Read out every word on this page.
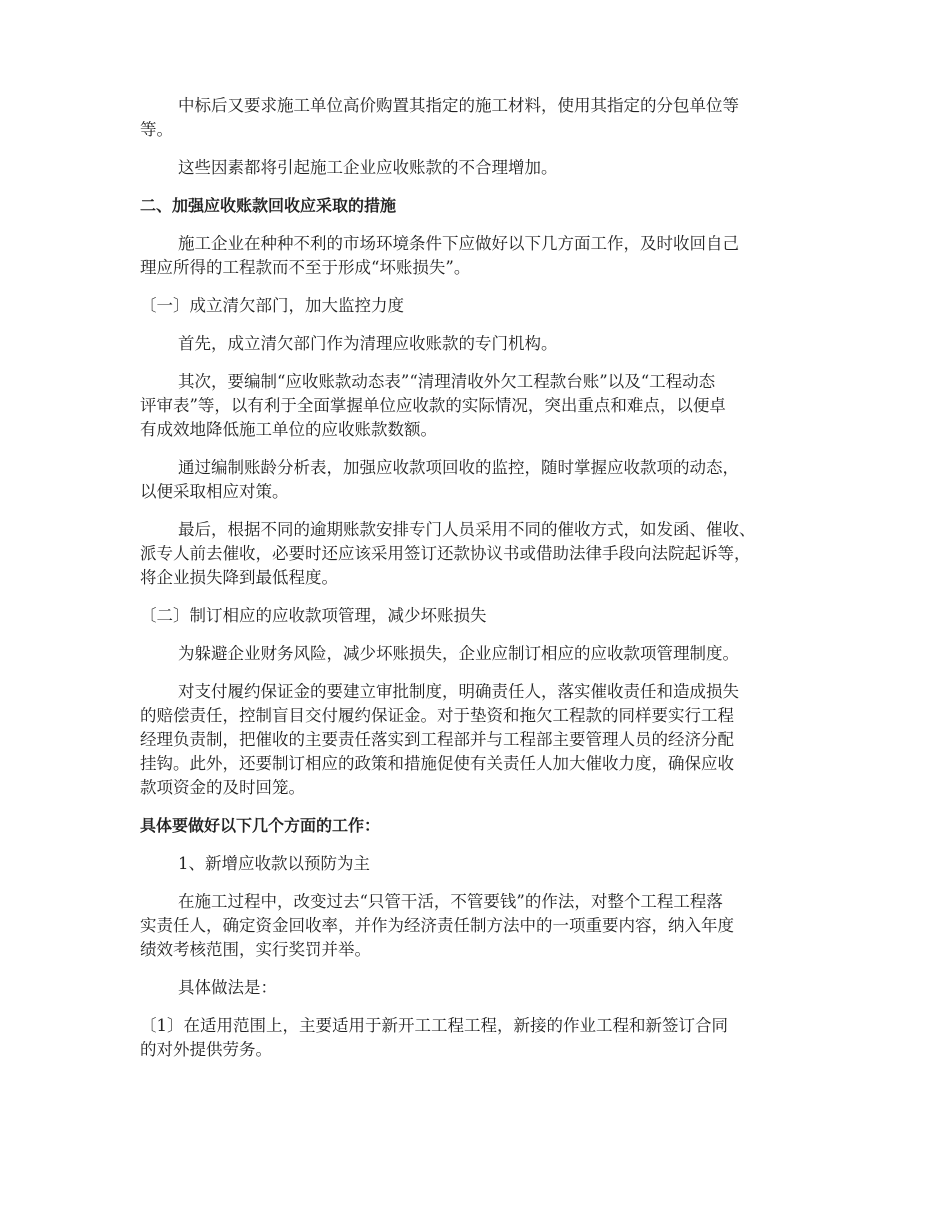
中标后又要求施工单位高价购置其指定的施工材料，使用其指定的分包单位等
等。

这些因素都将引起施工企业应收账款的不合理增加。

二、加强应收账款回收应采取的措施

施工企业在种种不利的市场环境条件下应做好以下几方面工作，及时收回自己
理应所得的工程款而不至于形成“坏账损失”。

〔一〕成立清欠部门，加大监控力度

首先，成立清欠部门作为清理应收账款的专门机构。

其次，要编制“应收账款动态表”“清理清收外欠工程款台账”以及“工程动态
评审表”等，以有利于全面掌握单位应收款的实际情况，突出重点和难点，以便卓
有成效地降低施工单位的应收账款数额。

通过编制账龄分析表，加强应收款项回收的监控，随时掌握应收款项的动态，
以便采取相应对策。

最后，根据不同的逾期账款安排专门人员采用不同的催收方式，如发函、催收、
派专人前去催收，必要时还应该采用签订还款协议书或借助法律手段向法院起诉等，
将企业损失降到最低程度。

〔二〕制订相应的应收款项管理，减少坏账损失

为躲避企业财务风险，减少坏账损失，企业应制订相应的应收款项管理制度。

对支付履约保证金的要建立审批制度，明确责任人，落实催收责任和造成损失
的赔偿责任，控制盲目交付履约保证金。对于垫资和拖欠工程款的同样要实行工程
经理负责制，把催收的主要责任落实到工程部并与工程部主要管理人员的经济分配
挂钩。此外，还要制订相应的政策和措施促使有关责任人加大催收力度，确保应收
款项资金的及时回笼。

具体要做好以下几个方面的工作：

1、新增应收款以预防为主

在施工过程中，改变过去“只管干活，不管要钱”的作法，对整个工程工程落
实责任人，确定资金回收率，并作为经济责任制方法中的一项重要内容，纳入年度
绩效考核范围，实行奖罚并举。

具体做法是：

〔1〕在适用范围上，主要适用于新开工工程工程，新接的作业工程和新签订合同
的对外提供劳务。
